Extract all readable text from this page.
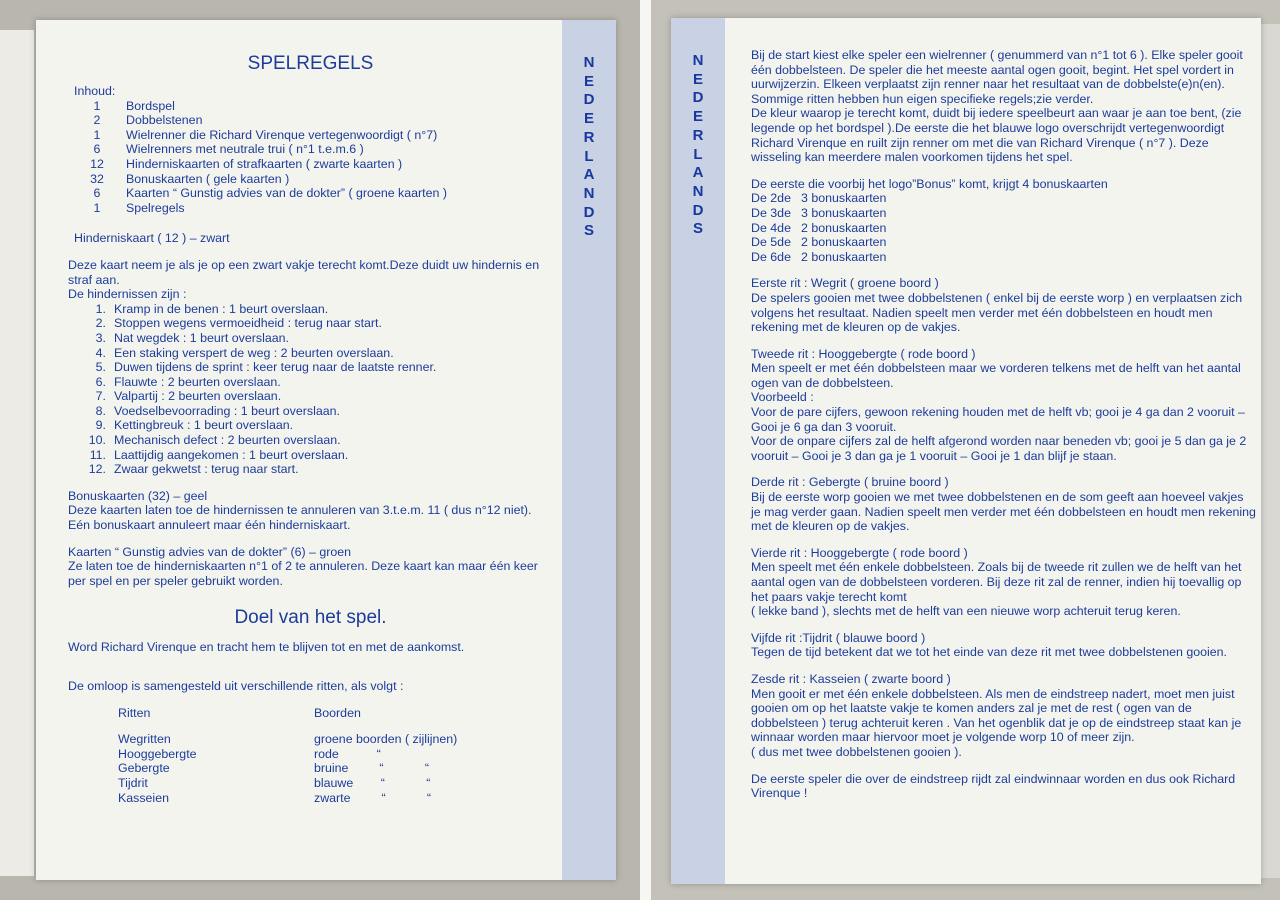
N
E
D
E
R
L
A
N
D
S
SPELREGELS

Inhoud:

1	Bordspel
2	Dobbelstenen
1	Wielrenner die Richard Virenque vertegenwoordigt ( n°7)
6	Wielrenners met neutrale trui ( n°1 t.e.m.6 )
12	Hinderniskaarten of strafkaarten ( zwarte kaarten )
32	Bonuskaarten ( gele kaarten )
6	Kaarten “ Gunstig advies van de dokter” ( groene kaarten )
1	Spelregels

Hinderniskaart ( 12 ) – zwart

Deze kaart neem je als je op een zwart vakje terecht komt.Deze duidt uw hindernis en straf aan.

De hindernissen zijn :

1. Kramp in de benen : 1 beurt overslaan.
2. Stoppen wegens vermoeidheid : terug naar start.
3. Nat wegdek : 1 beurt overslaan.
4. Een staking verspert de weg : 2 beurten overslaan.
5. Duwen tijdens de sprint : keer terug naar de laatste renner.
6. Flauwte : 2 beurten overslaan.
7. Valpartij : 2 beurten overslaan.
8. Voedselbevoorrading : 1 beurt overslaan.
9. Kettingbreuk : 1 beurt overslaan.
10. Mechanisch defect : 2 beurten overslaan.
11. Laattijdig aangekomen : 1 beurt overslaan.
12. Zwaar gekwetst : terug naar start.

Bonuskaarten (32) – geel

Deze kaarten laten toe de hindernissen te annuleren van 3.t.e.m. 11 ( dus n°12 niet). Eén bonuskaart annuleert maar één hinderniskaart.

Kaarten “ Gunstig advies van de dokter” (6) – groen

Ze laten toe de hinderniskaarten n°1 of 2 te annuleren. Deze kaart kan maar één keer per spel en per speler gebruikt worden.

Doel van het spel.

Word Richard Virenque en tracht hem te blijven tot en met de aankomst.

De omloop is samengesteld uit verschillende ritten, als volgt :

Ritten	Boorden
Wegritten	groene boorden ( zijlijnen)
Hooggebergte	rode           “
Gebergte	bruine         “            “
Tijdrit	blauwe        “            “
Kasseien	zwarte         “            “
N
E
D
E
R
L
A
N
D
S

Bij de start kiest elke speler een wielrenner ( genummerd van n°1 tot 6 ). Elke speler gooit één dobbelsteen. De speler die het meeste aantal ogen gooit, begint. Het spel vordert in uurwijzerzin. Elkeen verplaatst zijn renner naar het resultaat van de dobbelste(e)n(en). Sommige ritten hebben hun eigen specifieke regels;zie verder.

De kleur waarop je terecht komt, duidt bij iedere speelbeurt aan waar je aan toe bent, (zie legende op het bordspel ).De eerste die het blauwe logo overschrijdt vertegenwoordigt Richard Virenque en ruilt zijn renner om met die van Richard Virenque ( n°7 ). Deze wisseling kan meerdere malen voorkomen tijdens het spel.

De eerste die voorbij het logo”Bonus” komt, krijgt 4 bonuskaarten

De 2de 3 bonuskaarten
De 3de 3 bonuskaarten
De 4de 2 bonuskaarten
De 5de 2 bonuskaarten
De 6de 2 bonuskaarten

Eerste rit : Wegrit ( groene boord )

De spelers gooien met twee dobbelstenen ( enkel bij de eerste worp ) en verplaatsen zich volgens het resultaat. Nadien speelt men verder met één dobbelsteen en houdt men rekening met de kleuren op de vakjes.

Tweede rit : Hooggebergte ( rode boord )

Men speelt er met één dobbelsteen maar we vorderen telkens met de helft van het aantal ogen van de dobbelsteen.

Voorbeeld :

Voor de pare cijfers, gewoon rekening houden met de helft vb; gooi je 4 ga dan 2 vooruit – Gooi je 6 ga dan 3 vooruit.

Voor de onpare cijfers zal de helft afgerond worden naar beneden vb; gooi je 5 dan ga je 2 vooruit – Gooi je 3 dan ga je 1 vooruit – Gooi je 1 dan blijf je staan.

Derde rit : Gebergte ( bruine boord )

Bij de eerste worp gooien we met twee dobbelstenen en de som geeft aan hoeveel vakjes je mag verder gaan. Nadien speelt men verder met één dobbelsteen en houdt men rekening met de kleuren op de vakjes.

Vierde rit : Hooggebergte ( rode boord )

Men speelt met één enkele dobbelsteen. Zoals bij de tweede rit zullen we de helft van het aantal ogen van de dobbelsteen vorderen. Bij deze rit zal de renner, indien hij toevallig op het paars vakje terecht komt

( lekke band ), slechts met de helft van een nieuwe worp achteruit terug keren.

Vijfde rit :Tijdrit ( blauwe boord )

Tegen de tijd betekent dat we tot het einde van deze rit met twee dobbelstenen gooien.

Zesde rit : Kasseien ( zwarte boord )

Men gooit er met één enkele dobbelsteen. Als men de eindstreep nadert, moet men juist gooien om op het laatste vakje te komen anders zal je met de rest ( ogen van de dobbelsteen ) terug achteruit keren . Van het ogenblik dat je op de eindstreep staat kan je winnaar worden maar hiervoor moet je volgende worp 10 of meer zijn.

( dus met twee dobbelstenen gooien ).

De eerste speler die over de eindstreep rijdt zal eindwinnaar worden en dus ook Richard Virenque !
